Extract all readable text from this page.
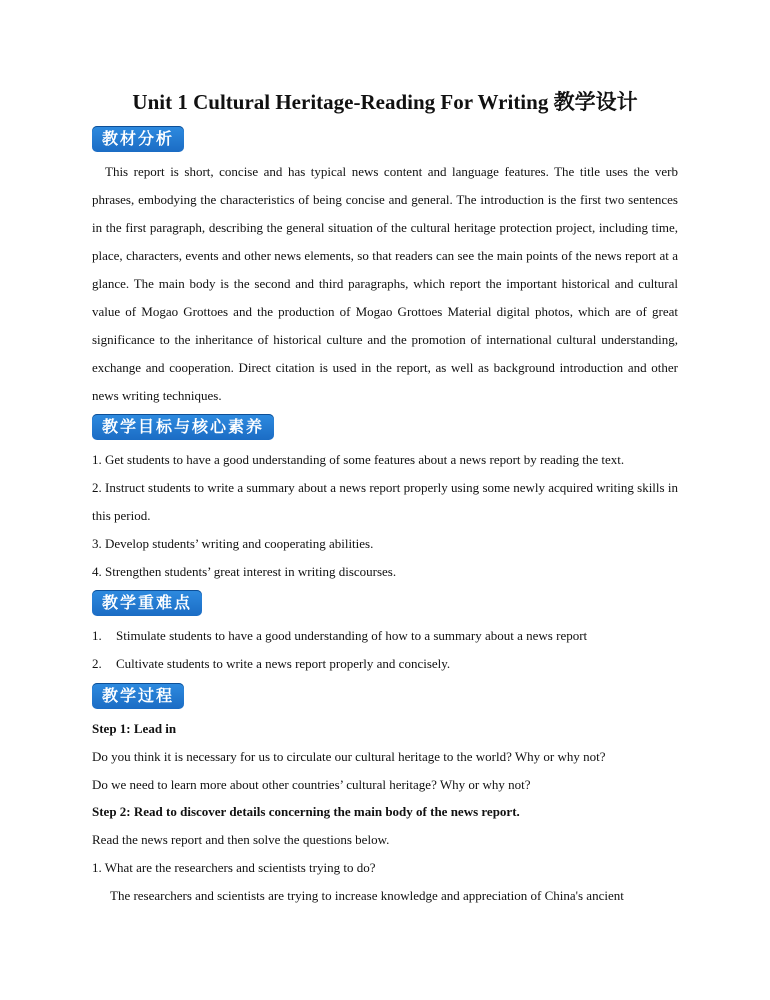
Unit 1 Cultural Heritage-Reading For Writing 教学设计
教材分析
This report is short, concise and has typical news content and language features. The title uses the verb phrases, embodying the characteristics of being concise and general. The introduction is the first two sentences in the first paragraph, describing the general situation of the cultural heritage protection project, including time, place, characters, events and other news elements, so that readers can see the main points of the news report at a glance. The main body is the second and third paragraphs, which report the important historical and cultural value of Mogao Grottoes and the production of Mogao Grottoes Material digital photos, which are of great significance to the inheritance of historical culture and the promotion of international cultural understanding, exchange and cooperation. Direct citation is used in the report, as well as background introduction and other news writing techniques.
教学目标与核心素养
1. Get students to have a good understanding of some features about a news report by reading the text.
2. Instruct students to write a summary about a news report properly using some newly acquired writing skills in this period.
3. Develop students’ writing and cooperating abilities.
4. Strengthen students’ great interest in writing discourses.
教学重难点
1. Stimulate students to have a good understanding of how to a summary about a news report
2. Cultivate students to write a news report properly and concisely.
教学过程
Step 1: Lead in
Do you think it is necessary for us to circulate our cultural heritage to the world? Why or why not?
Do we need to learn more about other countries’ cultural heritage? Why or why not?
Step 2: Read to discover details concerning the main body of the news report.
Read the news report and then solve the questions below.
1. What are the researchers and scientists trying to do?
The researchers and scientists are trying to increase knowledge and appreciation of China's ancient
